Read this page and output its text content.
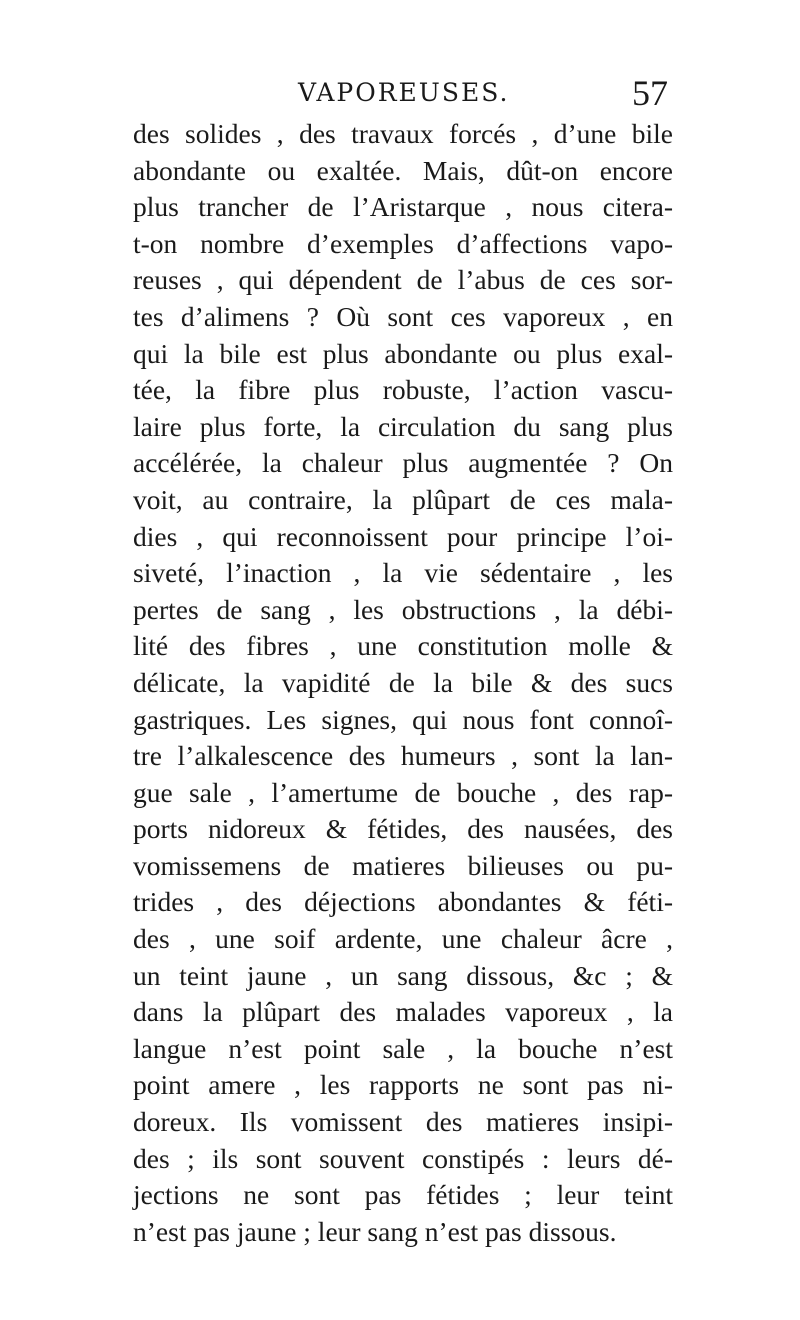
VAPOREUSES.	57
des solides , des travaux forcés , d’une bile
abondante ou exaltée. Mais, dût-on encore
plus trancher de l’Aristarque , nous citera-
t-on nombre d’exemples d’affections vapo-
reuses , qui dépendent de l’abus de ces sor-
tes d’alimens ? Où sont ces vaporeux , en
qui la bile est plus abondante ou plus exal-
tée, la fibre plus robuste, l’action vascu-
laire plus forte, la circulation du sang plus
accélérée, la chaleur plus augmentée ? On
voit, au contraire, la plûpart de ces mala-
dies , qui reconnoissent pour principe l’oi-
siveté, l’inaction , la vie sédentaire , les
pertes de sang , les obstructions , la débi-
lité des fibres , une constitution molle &
délicate, la vapidité de la bile & des sucs
gastriques. Les signes, qui nous font connoî-
tre l’alkalescence des humeurs , sont la lan-
gue sale , l’amertume de bouche , des rap-
ports nidoreux & fétides, des nausées, des
vomissemens de matieres bilieuses ou pu-
trides , des déjections abondantes & féti-
des , une soif ardente, une chaleur âcre ,
un teint jaune , un sang dissous, &c ; &
dans la plûpart des malades vaporeux , la
langue n’est point sale , la bouche n’est
point amere , les rapports ne sont pas ni-
doreux. Ils vomissent des matieres insipi-
des ; ils sont souvent constipés : leurs dé-
jections ne sont pas fétides ; leur teint
n’est pas jaune ; leur sang n’est pas dissous.
